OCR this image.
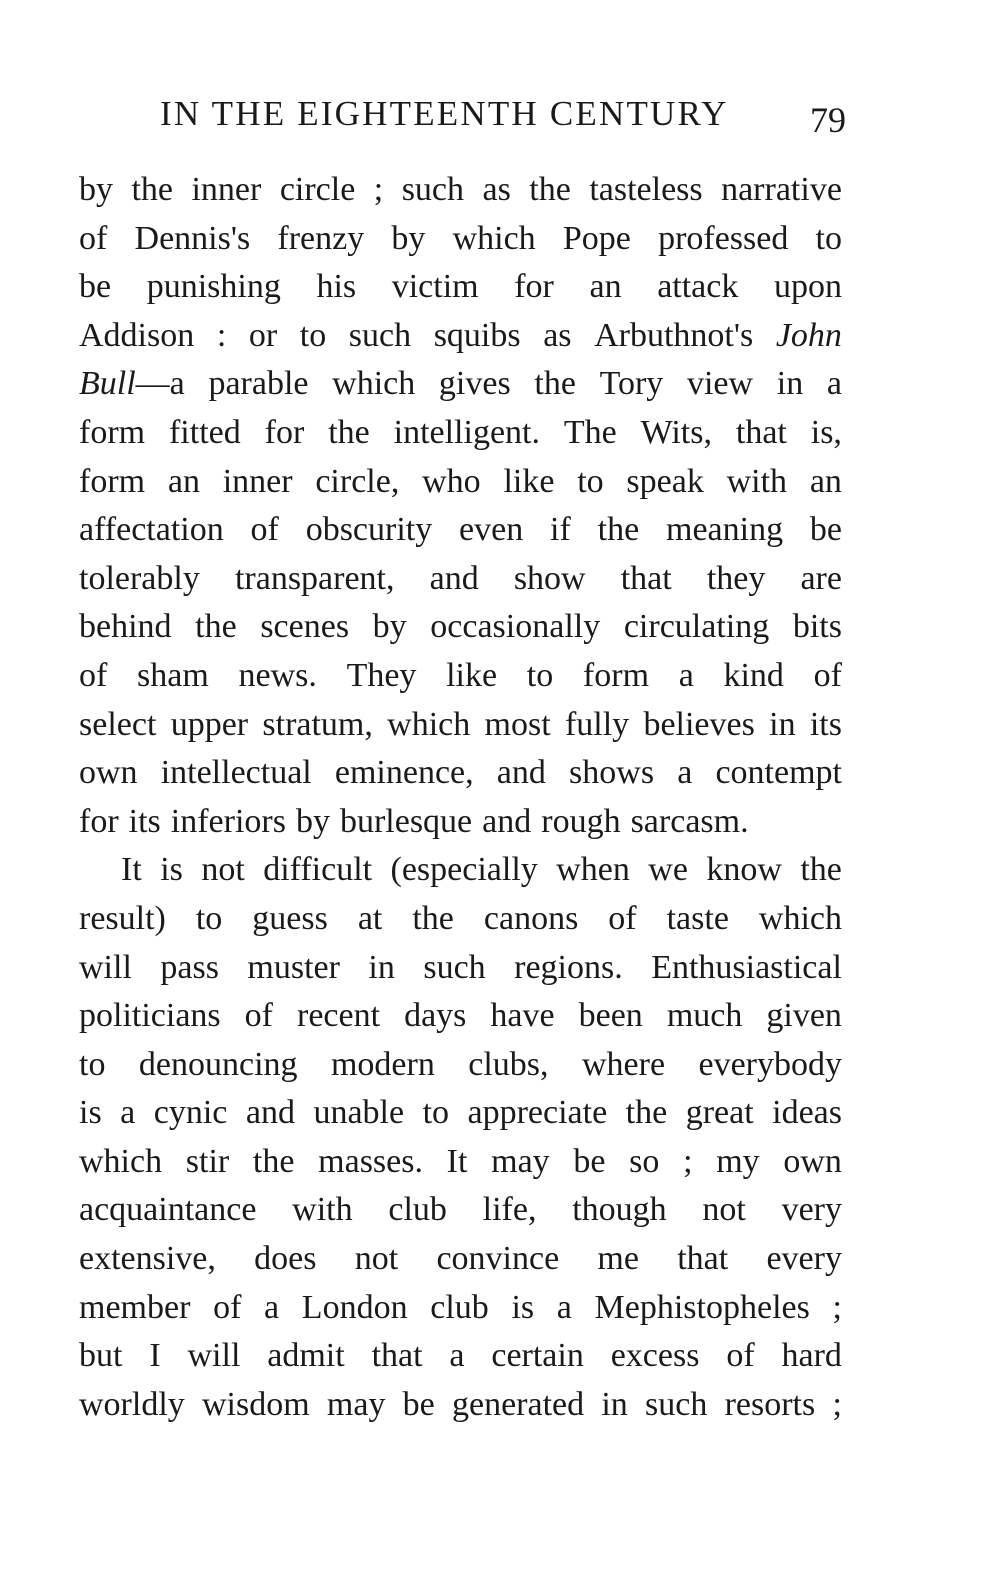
IN THE EIGHTEENTH CENTURY 79
by the inner circle ; such as the tasteless narrative
of Dennis's frenzy by which Pope professed to
be punishing his victim for an attack upon
Addison : or to such squibs as Arbuthnot's John
Bull—a parable which gives the Tory view in a
form fitted for the intelligent. The Wits, that is,
form an inner circle, who like to speak with an
affectation of obscurity even if the meaning be
tolerably transparent, and show that they are
behind the scenes by occasionally circulating bits
of sham news. They like to form a kind of
select upper stratum, which most fully believes in its
own intellectual eminence, and shows a contempt
for its inferiors by burlesque and rough sarcasm.
It is not difficult (especially when we know the
result) to guess at the canons of taste which
will pass muster in such regions. Enthusiastical
politicians of recent days have been much given
to denouncing modern clubs, where everybody
is a cynic and unable to appreciate the great ideas
which stir the masses. It may be so ; my own
acquaintance with club life, though not very
extensive, does not convince me that every
member of a London club is a Mephistopheles ;
but I will admit that a certain excess of hard
worldly wisdom may be generated in such resorts ;
